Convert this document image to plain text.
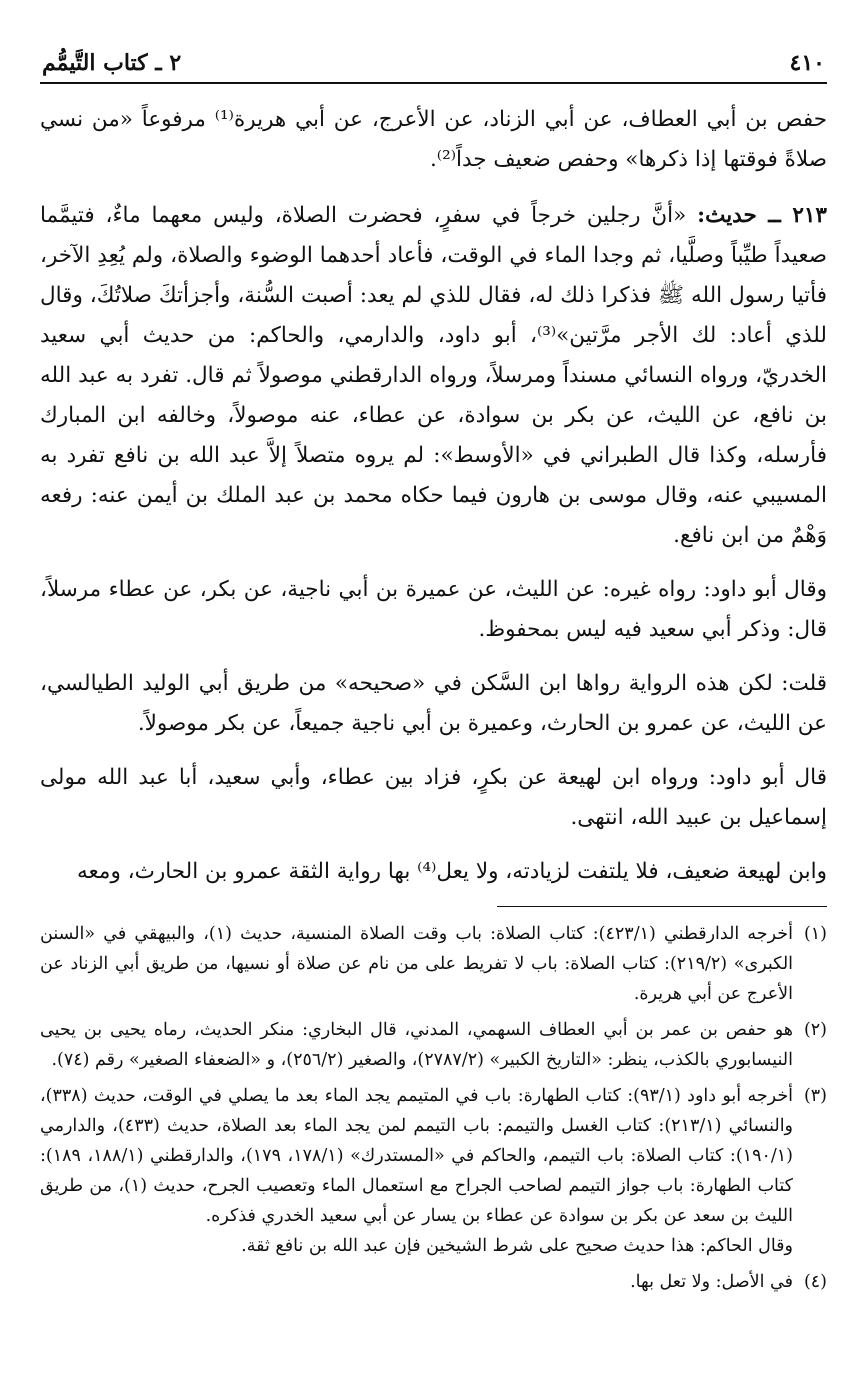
٤١٠
٢ ـ كتاب التَّيمُّم

حفص بن أبي العطاف، عن أبي الزناد، عن الأعرج، عن أبي هريرة⁽¹⁾ مرفوعاً «من نسي صلاةً فوقتها إذا ذكرها» وحفص ضعيف جداً⁽²⁾.

٢١٣ ــ حديث: «أنَّ رجلين خرجاً في سفرٍ، فحضرت الصلاة، وليس معهما ماءٌ، فتيمَّما صعيداً طيِّباً وصلَّيا، ثم وجدا الماء في الوقت، فأعاد أحدهما الوضوء والصلاة، ولم يُعِدِ الآخر، فأتيا رسول الله ﷺ فذكرا ذلك له، فقال للذي لم يعد: أصبت السُّنة، وأجزأتكَ صلاتُكَ، وقال للذي أعاد: لك الأجر مرَّتين»⁽³⁾، أبو داود، والدارمي، والحاكم: من حديث أبي سعيد الخدريّ، ورواه النسائي مسنداً ومرسلاً، ورواه الدارقطني موصولاً ثم قال. تفرد به عبد الله بن نافع، عن الليث، عن بكر بن سوادة، عن عطاء، عنه موصولاً، وخالفه ابن المبارك فأرسله، وكذا قال الطبراني في «الأوسط»: لم يروه متصلاً إلاَّ عبد الله بن نافع تفرد به المسيبي عنه، وقال موسى بن هارون فيما حكاه محمد بن عبد الملك بن أيمن عنه: رفعه وَهْمٌ من ابن نافع.

وقال أبو داود: رواه غيره: عن الليث، عن عميرة بن أبي ناجية، عن بكر، عن عطاء مرسلاً، قال: وذكر أبي سعيد فيه ليس بمحفوظ.

قلت: لكن هذه الرواية رواها ابن السَّكن في «صحيحه» من طريق أبي الوليد الطيالسي، عن الليث، عن عمرو بن الحارث، وعميرة بن أبي ناجية جميعاً، عن بكر موصولاً.

قال أبو داود: ورواه ابن لهيعة عن بكرٍ، فزاد بين عطاء، وأبي سعيد، أبا عبد الله مولى إسماعيل بن عبيد الله، انتهى.

وابن لهيعة ضعيف، فلا يلتفت لزيادته، ولا يعل⁽⁴⁾ بها رواية الثقة عمرو بن الحارث، ومعه

(١)
أخرجه الدارقطني (٤٢٣/١): كتاب الصلاة: باب وقت الصلاة المنسية، حديث (١)، والبيهقي في «السنن الكبرى» (٢١٩/٢): كتاب الصلاة: باب لا تفريط على من نام عن صلاة أو نسيها، من طريق أبي الزناد عن الأعرج عن أبي هريرة.
(٢)
هو حفص بن عمر بن أبي العطاف السهمي، المدني، قال البخاري: منكر الحديث، رماه يحيى بن يحيى النيسابوري بالكذب، ينظر: «التاريخ الكبير» (٢٧٨٧/٢)، والصغير (٢٥٦/٢)، و «الضعفاء الصغير» رقم (٧٤).
(٣)
أخرجه أبو داود (٩٣/١): كتاب الطهارة: باب في المتيمم يجد الماء بعد ما يصلي في الوقت، حديث (٣٣٨)، والنسائي (٢١٣/١): كتاب الغسل والتيمم: باب التيمم لمن يجد الماء بعد الصلاة، حديث (٤٣٣)، والدارمي (١٩٠/١): كتاب الصلاة: باب التيمم، والحاكم في «المستدرك» (١٧٨/١، ١٧٩)، والدارقطني (١٨٨/١، ١٨٩): كتاب الطهارة: باب جواز التيمم لصاحب الجراح مع استعمال الماء وتعصيب الجرح، حديث (١)، من طريق الليث بن سعد عن بكر بن سوادة عن عطاء بن يسار عن أبي سعيد الخدري فذكره.
وقال الحاكم: هذا حديث صحيح على شرط الشيخين فإن عبد الله بن نافع ثقة.
(٤)
في الأصل: ولا تعل بها.
